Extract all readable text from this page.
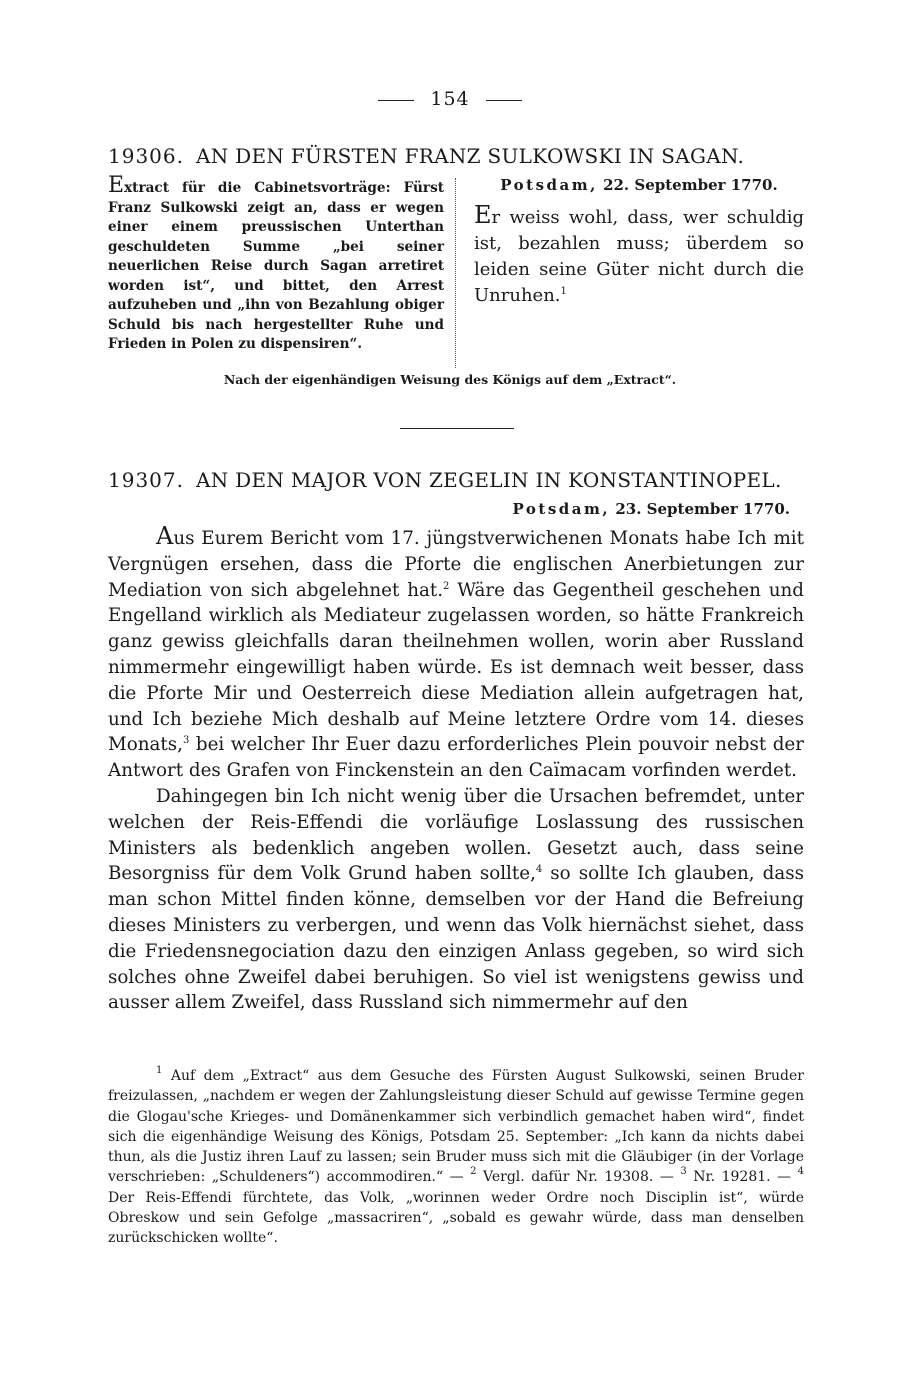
154
19306. AN DEN FÜRSTEN FRANZ SULKOWSKI IN SAGAN.
Extract für die Cabinetsvorträge: Fürst Franz Sulkowski zeigt an, dass er wegen einer einem preussischen Unterthan geschuldeten Summe „bei seiner neuerlichen Reise durch Sagan arretiret worden ist“, und bittet, den Arrest aufzuheben und „ihn von Bezahlung obiger Schuld bis nach hergestellter Ruhe und Frieden in Polen zu dispensiren“.
Potsdam, 22. September 1770.
Er weiss wohl, dass, wer schuldig ist, bezahlen muss; überdem so leiden seine Güter nicht durch die Unruhen.$^1$
Nach der eigenhändigen Weisung des Königs auf dem „Extract“.
19307. AN DEN MAJOR VON ZEGELIN IN KONSTANTINOPEL.
Potsdam, 23. September 1770.

Aus Eurem Bericht vom 17. jüngstverwichenen Monats habe Ich mit Vergnügen ersehen, dass die Pforte die englischen Anerbietungen zur Mediation von sich abgelehnet hat.$^2$ Wäre das Gegentheil geschehen und Engelland wirklich als Mediateur zugelassen worden, so hätte Frankreich ganz gewiss gleichfalls daran theilnehmen wollen, worin aber Russland nimmermehr eingewilligt haben würde. Es ist demnach weit besser, dass die Pforte Mir und Oesterreich diese Mediation allein aufgetragen hat, und Ich beziehe Mich deshalb auf Meine letztere Ordre vom 14. dieses Monats,$^3$ bei welcher Ihr Euer dazu erforderliches Plein pouvoir nebst der Antwort des Grafen von Finckenstein an den Caïmacam vorfinden werdet.

Dahingegen bin Ich nicht wenig über die Ursachen befremdet, unter welchen der Reis-Effendi die vorläufige Loslassung des russischen Ministers als bedenklich angeben wollen. Gesetzt auch, dass seine Besorgniss für dem Volk Grund haben sollte,$^4$ so sollte Ich glauben, dass man schon Mittel finden könne, demselben vor der Hand die Befreiung dieses Ministers zu verbergen, und wenn das Volk hiernächst siehet, dass die Friedensnegociation dazu den einzigen Anlass gegeben, so wird sich solches ohne Zweifel dabei beruhigen. So viel ist wenigstens gewiss und ausser allem Zweifel, dass Russland sich nimmermehr auf den

$^1$ Auf dem „Extract“ aus dem Gesuche des Fürsten August Sulkowski, seinen Bruder freizulassen, „nachdem er wegen der Zahlungsleistung dieser Schuld auf gewisse Termine gegen die Glogau'sche Krieges- und Domänenkammer sich verbindlich gemachet haben wird“, findet sich die eigenhändige Weisung des Königs, Potsdam 25. September: „Ich kann da nichts dabei thun, als die Justiz ihren Lauf zu lassen; sein Bruder muss sich mit die Gläubiger (in der Vorlage verschrieben: „Schuldeners“) accommodiren.“ — $^2$ Vergl. dafür Nr. 19308. — $^3$ Nr. 19281. — $^4$ Der Reis-Effendi fürchtete, das Volk, „worinnen weder Ordre noch Disciplin ist“, würde Obreskow und sein Gefolge „massacriren“, „sobald es gewahr würde, dass man denselben zurückschicken wollte“.
